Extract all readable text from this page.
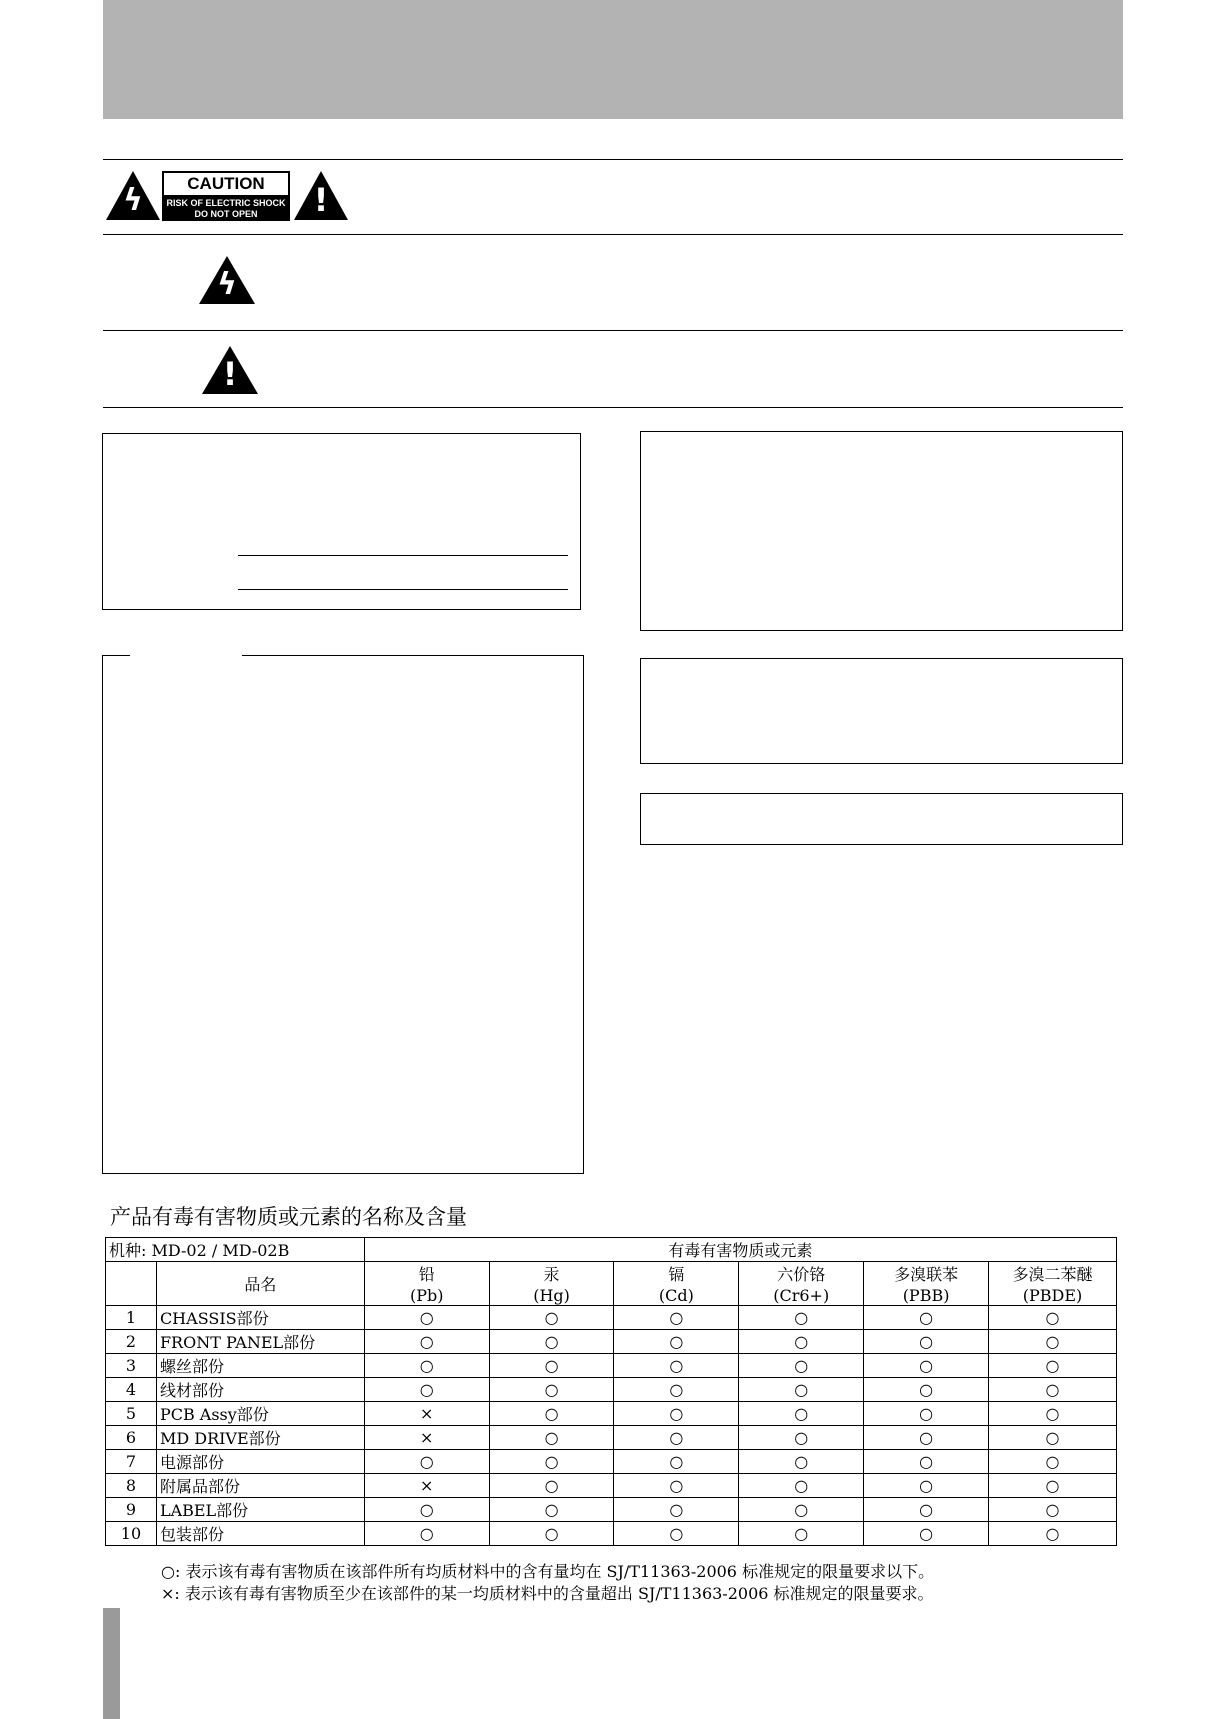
ϟ	CAUTION
RISK OF ELECTRIC SHOCK
DO NOT OPEN	!
ϟ
!
产品有毒有害物质或元素的名称及含量
机种: MD-02 / MD-02B		有毒有害物质或元素					
	品名	铅	汞	镉	六价铬	多溴联苯	多溴二苯醚
		(Pb)	(Hg)	(Cd)	(Cr6+)	(PBB)	(PBDE)
1	CHASSIS部份	○	○	○	○	○	○
2	FRONT PANEL部份	○	○	○	○	○	○
3	螺丝部份	○	○	○	○	○	○
4	线材部份	○	○	○	○	○	○
5	PCB Assy部份	×	○	○	○	○	○
6	MD DRIVE部份	×	○	○	○	○	○
7	电源部份	○	○	○	○	○	○
8	附属品部份	×	○	○	○	○	○
9	LABEL部份	○	○	○	○	○	○
10	包装部份	○	○	○	○	○	○
○: 表示该有毒有害物质在该部件所有均质材料中的含有量均在 SJ/T11363-2006 标准规定的限量要求以下。
×: 表示该有毒有害物质至少在该部件的某一均质材料中的含量超出 SJ/T11363-2006 标准规定的限量要求。
